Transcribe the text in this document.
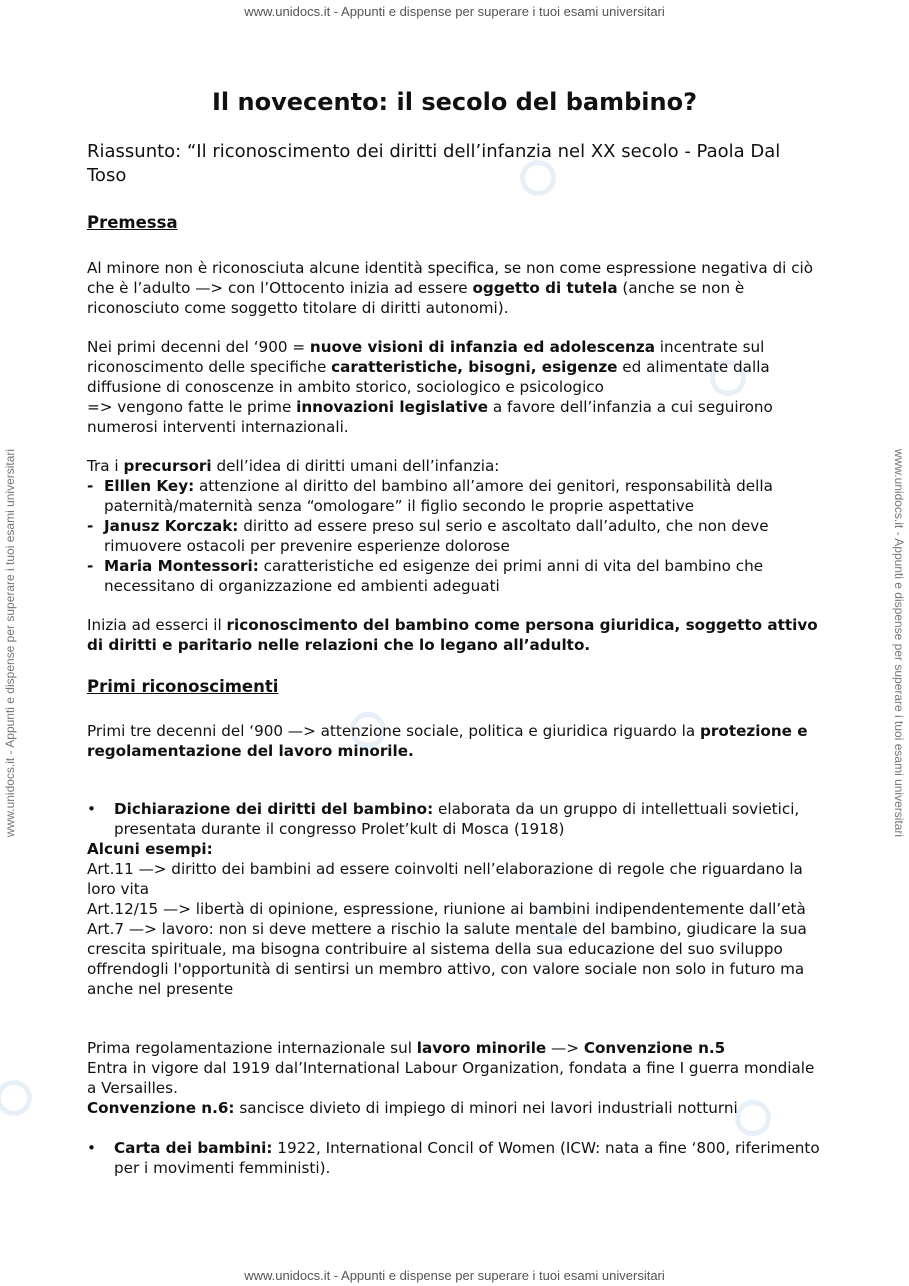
www.unidocs.it - Appunti e dispense per superare i tuoi esami universitari
www.unidocs.it - Appunti e dispense per superare i tuoi esami universitari
www.unidocs.it - Appunti e dispense per superare i tuoi esami universitari	www.unidocs.it - Appunti e dispense per superare i tuoi esami universitari
Il novecento: il secolo del bambino?

Riassunto: “Il riconoscimento dei diritti dell’infanzia nel XX secolo - Paola Dal Toso

Premessa

Al minore non è riconosciuta alcune identità specifica, se non come espressione negativa di ciò che è l’adulto —> con l’Ottocento inizia ad essere oggetto di tutela (anche se non è riconosciuto come soggetto titolare di diritti autonomi).

Nei primi decenni del ‘900 = nuove visioni di infanzia ed adolescenza incentrate sul riconoscimento delle specifiche caratteristiche, bisogni, esigenze ed alimentate dalla diffusione di conoscenze in ambito storico, sociologico e psicologico
=> vengono fatte le prime innovazioni legislative a favore dell’infanzia a cui seguirono numerosi interventi internazionali.

Tra i precursori dell’idea di diritti umani dell’infanzia:

- Elllen Key: attenzione al diritto del bambino all’amore dei genitori, responsabilità della paternità/maternità senza “omologare” il figlio secondo le proprie aspettative
- Janusz Korczak: diritto ad essere preso sul serio e ascoltato dall’adulto, che non deve rimuovere ostacoli per prevenire esperienze dolorose
- Maria Montessori: caratteristiche ed esigenze dei primi anni di vita del bambino che necessitano di organizzazione ed ambienti adeguati

Inizia ad esserci il riconoscimento del bambino come persona giuridica, soggetto attivo di diritti e paritario nelle relazioni che lo legano all’adulto.

Primi riconoscimenti

Primi tre decenni del ‘900 —> attenzione sociale, politica e giuridica riguardo la protezione e regolamentazione del lavoro minorile.

• Dichiarazione dei diritti del bambino: elaborata da un gruppo di intellettuali sovietici, presentata durante il congresso Prolet’kult di Mosca (1918)

Alcuni esempi:
Art.11 —> diritto dei bambini ad essere coinvolti nell’elaborazione di regole che riguardano la loro vita
Art.12/15 —> libertà di opinione, espressione, riunione ai bambini indipendentemente dall’età
Art.7 —> lavoro: non si deve mettere a rischio la salute mentale del bambino, giudicare la sua crescita spirituale, ma bisogna contribuire al sistema della sua educazione del suo sviluppo offrendogli l'opportunità di sentirsi un membro attivo, con valore sociale non solo in futuro ma anche nel presente

Prima regolamentazione internazionale sul lavoro minorile —> Convenzione n.5
Entra in vigore dal 1919 dal’International Labour Organization, fondata a fine I guerra mondiale a Versailles.
Convenzione n.6: sancisce divieto di impiego di minori nei lavori industriali notturni

• Carta dei bambini: 1922, International Concil of Women (ICW: nata a fine ‘800, riferimento per i movimenti femministi).
